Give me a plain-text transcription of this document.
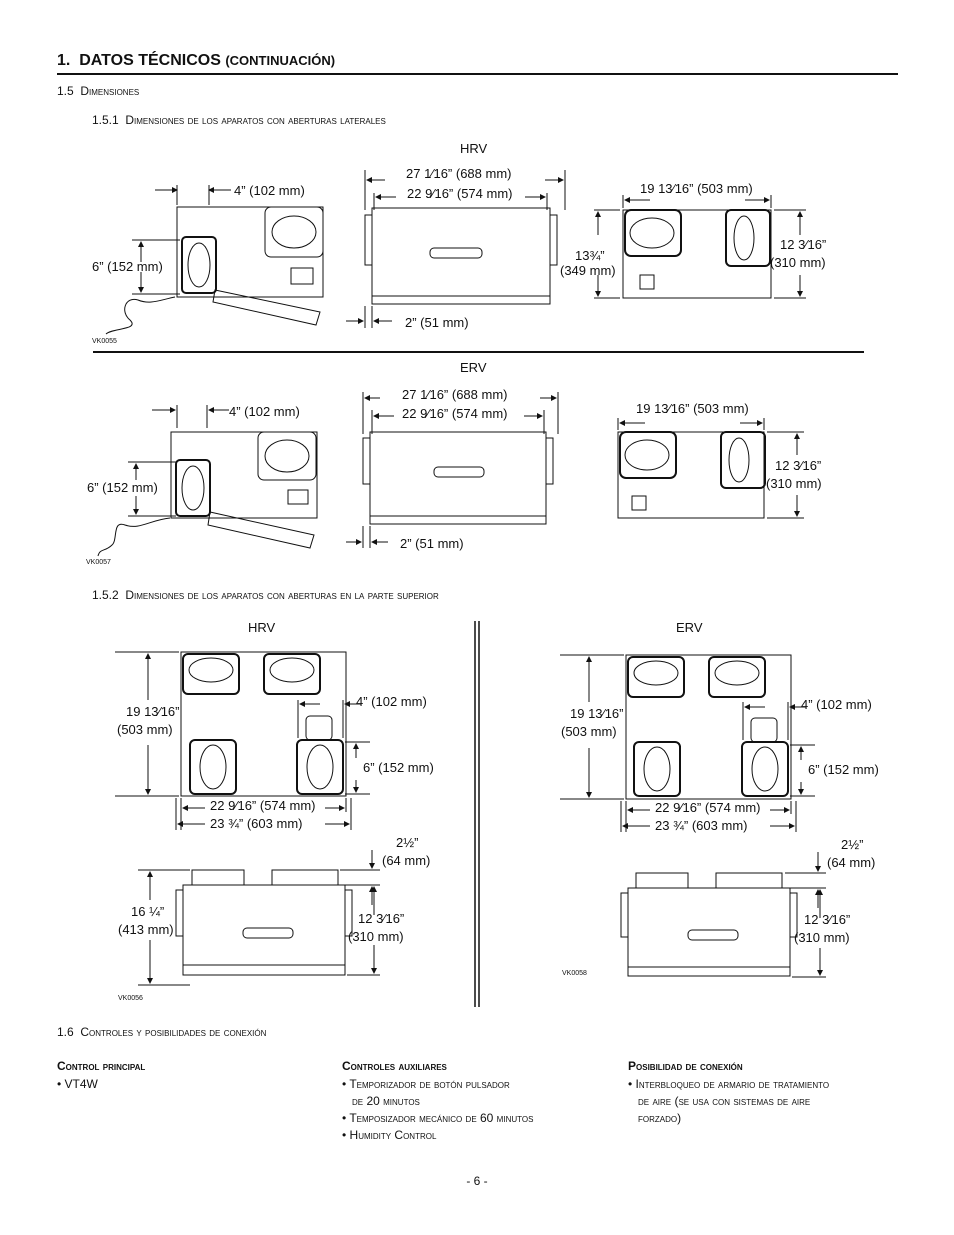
1. DATOS TÉCNICOS (CONTINUACIÓN)
1.5 Dimensiones
1.5.1 Dimensiones de los aparatos con aberturas laterales
1.5.2 Dimensiones de los aparatos con aberturas en la parte superior
1.6 Controles y posibilidades de conexión
HRV
4” (102 mm)
6” (152 mm)
27 1⁄16” (688 mm)
22 9⁄16” (574 mm)
2” (51 mm)
19 13⁄16” (503 mm)
13¾”
(349 mm)
12 3⁄16”
(310 mm)
VK0055
ERV
4” (102 mm)
6” (152 mm)
27 1⁄16” (688 mm)
22 9⁄16” (574 mm)
2” (51 mm)
19 13⁄16” (503 mm)
12 3⁄16”
(310 mm)
VK0057
HRV
19 13⁄16”
(503 mm)
4” (102 mm)
6” (152 mm)
22 9⁄16” (574 mm)
23 ¾” (603 mm)
2½”
(64 mm)
16 ¼”
(413 mm)
12 3⁄16”
(310 mm)
VK0056
ERV
19 13⁄16”
(503 mm)
4” (102 mm)
6” (152 mm)
22 9⁄16” (574 mm)
23 ¾” (603 mm)
2½”
(64 mm)
12 3⁄16”
(310 mm)
VK0058
Control principal
• VT4W
Controles auxiliares
• Temporizador de botón pulsador
de 20 minutos
• Temposizador mecánico de 60 minutos
• Humidity Control
Posibilidad de conexión
• Interbloqueo de armario de tratamiento
de aire (se usa con sistemas de aire
forzado)
- 6 -
